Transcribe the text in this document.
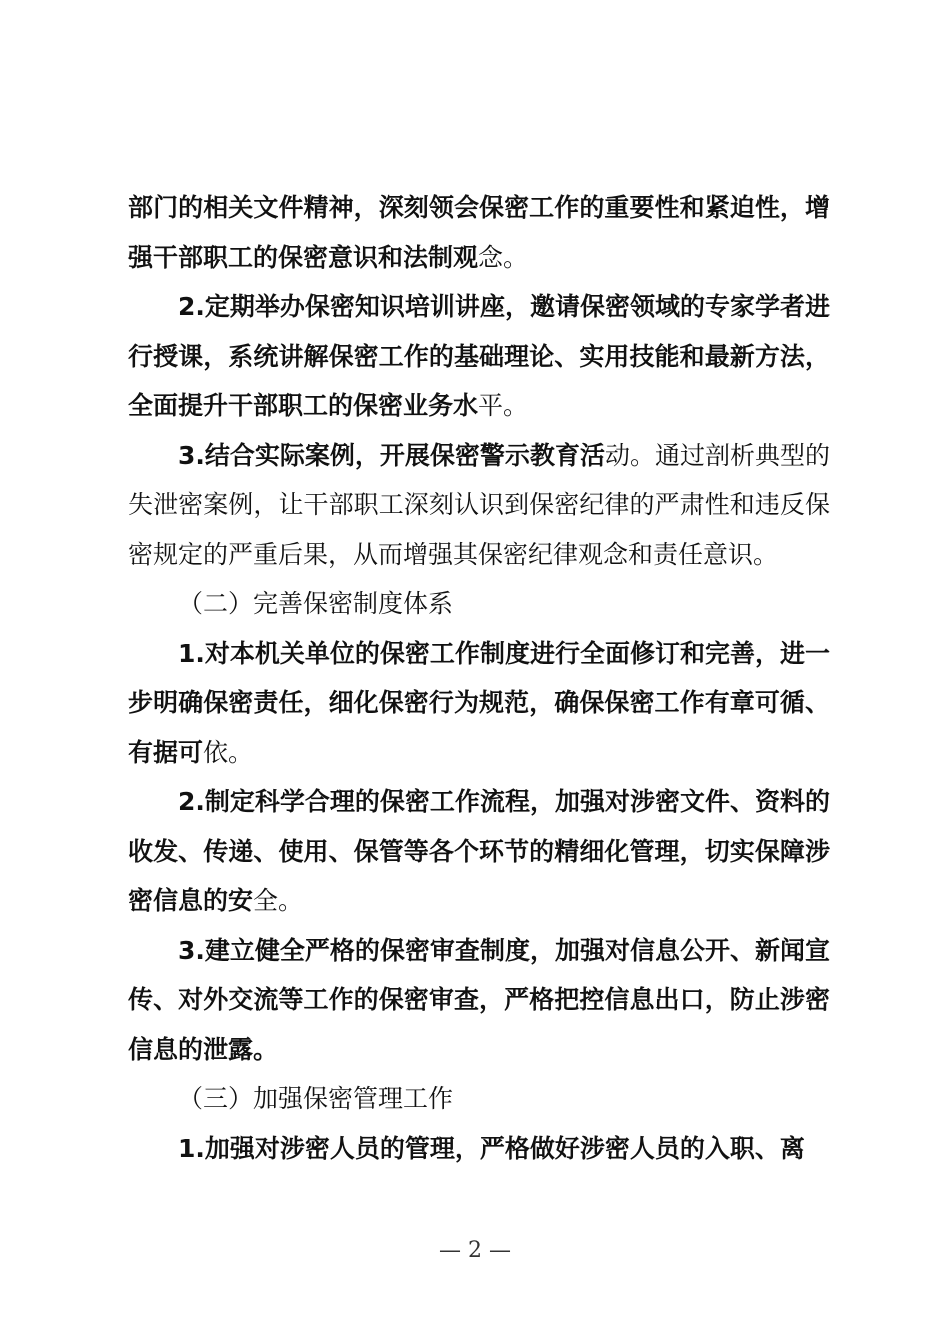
部门的相关文件精神，深刻领会保密工作的重要性和紧迫性，增强干部职工的保密意识和法制观念。

2.定期举办保密知识培训讲座，邀请保密领域的专家学者进行授课，系统讲解保密工作的基础理论、实用技能和最新方法，全面提升干部职工的保密业务水平。

3.结合实际案例，开展保密警示教育活动。通过剖析典型的失泄密案例，让干部职工深刻认识到保密纪律的严肃性和违反保密规定的严重后果，从而增强其保密纪律观念和责任意识。

（二）完善保密制度体系

1.对本机关单位的保密工作制度进行全面修订和完善，进一步明确保密责任，细化保密行为规范，确保保密工作有章可循、有据可依。

2.制定科学合理的保密工作流程，加强对涉密文件、资料的收发、传递、使用、保管等各个环节的精细化管理，切实保障涉密信息的安全。

3.建立健全严格的保密审查制度，加强对信息公开、新闻宣传、对外交流等工作的保密审查，严格把控信息出口，防止涉密信息的泄露。

（三）加强保密管理工作

1.加强对涉密人员的管理，严格做好涉密人员的入职、离

— 2 —
